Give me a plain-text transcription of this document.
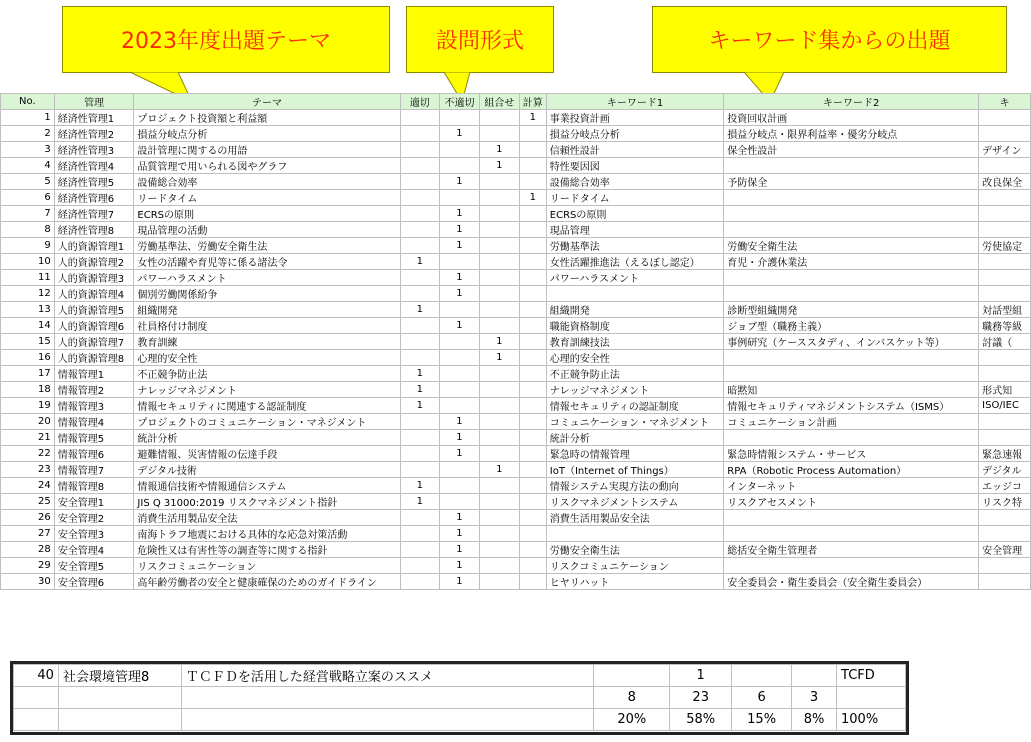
2023年度出題テーマ	設問形式	キーワード集からの出題
No.	管理	テーマ	適切	不適切	組合せ	計算	キーワード1	キーワード2	キ
1	経済性管理1	プロジェクト投資額と利益額				1	事業投資計画	投資回収計画	
2	経済性管理2	損益分岐点分析		1			損益分岐点分析	損益分岐点・限界利益率・優劣分岐点	
3	経済性管理3	設計管理に関するの用語			1		信頼性設計	保全性設計	デザイン
4	経済性管理4	品質管理で用いられる図やグラフ			1		特性要因図		
5	経済性管理5	設備総合効率		1			設備総合効率	予防保全	改良保全
6	経済性管理6	リードタイム				1	リードタイム		
7	経済性管理7	ECRSの原則		1			ECRSの原則		
8	経済性管理8	現品管理の活動		1			現品管理		
9	人的資源管理1	労働基準法、労働安全衛生法		1			労働基準法	労働安全衛生法	労使協定
10	人的資源管理2	女性の活躍や育児等に係る諸法令	1				女性活躍推進法（えるぼし認定）	育児・介護休業法	
11	人的資源管理3	パワーハラスメント		1			パワーハラスメント		
12	人的資源管理4	個別労働関係紛争		1					
13	人的資源管理5	組織開発	1				組織開発	診断型組織開発	対話型組
14	人的資源管理6	社員格付け制度		1			職能資格制度	ジョブ型（職務主義）	職務等級
15	人的資源管理7	教育訓練			1		教育訓練技法	事例研究（ケーススタディ、インバスケット等）	討議（
16	人的資源管理8	心理的安全性			1		心理的安全性		
17	情報管理1	不正競争防止法	1				不正競争防止法		
18	情報管理2	ナレッジマネジメント	1				ナレッジマネジメント	暗黙知	形式知
19	情報管理3	情報セキュリティに関連する認証制度	1				情報セキュリティの認証制度	情報セキュリティマネジメントシステム（ISMS）	ISO/IEC
20	情報管理4	プロジェクトのコミュニケーション・マネジメント		1			コミュニケーション・マネジメント	コミュニケーション計画	
21	情報管理5	統計分析		1			統計分析		
22	情報管理6	避難情報、災害情報の伝達手段		1			緊急時の情報管理	緊急時情報システム・サービス	緊急速報
23	情報管理7	デジタル技術			1		IoT（Internet of Things）	RPA（Robotic Process Automation）	デジタル
24	情報管理8	情報通信技術や情報通信システム	1				情報システム実現方法の動向	インターネット	エッジコ
25	安全管理1	JIS Q 31000:2019 リスクマネジメント指針	1				リスクマネジメントシステム	リスクアセスメント	リスク特
26	安全管理2	消費生活用製品安全法		1			消費生活用製品安全法		
27	安全管理3	南海トラフ地震における具体的な応急対策活動		1					
28	安全管理4	危険性又は有害性等の調査等に関する指針		1			労働安全衛生法	総括安全衛生管理者	安全管理
29	安全管理5	リスクコミュニケーション		1			リスクコミュニケーション		
30	安全管理6	高年齢労働者の安全と健康確保のためのガイドライン		1			ヒヤリハット	安全委員会・衛生委員会（安全衛生委員会）	
40	社会環境管理8	ＴＣＦＤを活用した経営戦略立案のススメ		1			TCFD
			8	23	6	3	
			20%	58%	15%	8%	100%
